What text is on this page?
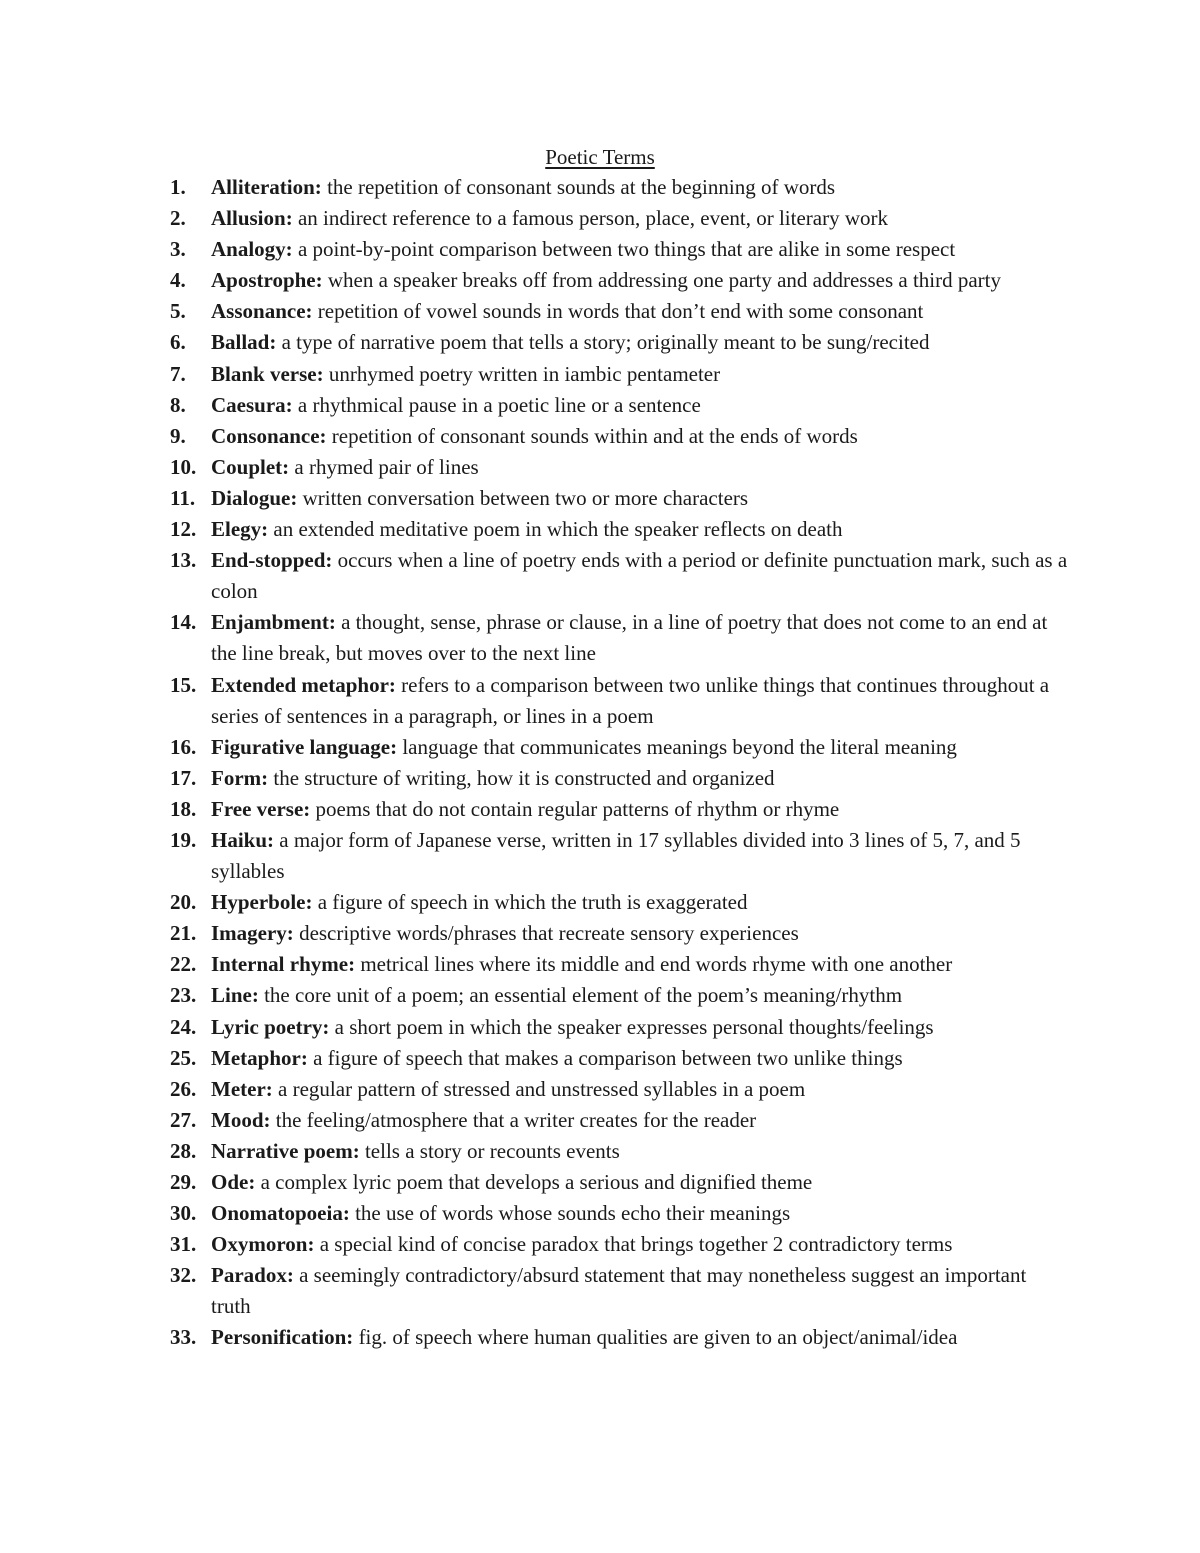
Poetic Terms
1. Alliteration: the repetition of consonant sounds at the beginning of words
2. Allusion: an indirect reference to a famous person, place, event, or literary work
3. Analogy: a point-by-point comparison between two things that are alike in some respect
4. Apostrophe: when a speaker breaks off from addressing one party and addresses a third party
5. Assonance: repetition of vowel sounds in words that don’t end with some consonant
6. Ballad: a type of narrative poem that tells a story; originally meant to be sung/recited
7. Blank verse: unrhymed poetry written in iambic pentameter
8. Caesura: a rhythmical pause in a poetic line or a sentence
9. Consonance: repetition of consonant sounds within and at the ends of words
10. Couplet: a rhymed pair of lines
11. Dialogue: written conversation between two or more characters
12. Elegy: an extended meditative poem in which the speaker reflects on death
13. End-stopped: occurs when a line of poetry ends with a period or definite punctuation mark, such as a colon
14. Enjambment: a thought, sense, phrase or clause, in a line of poetry that does not come to an end at the line break, but moves over to the next line
15. Extended metaphor: refers to a comparison between two unlike things that continues throughout a series of sentences in a paragraph, or lines in a poem
16. Figurative language: language that communicates meanings beyond the literal meaning
17. Form: the structure of writing, how it is constructed and organized
18. Free verse: poems that do not contain regular patterns of rhythm or rhyme
19. Haiku: a major form of Japanese verse, written in 17 syllables divided into 3 lines of 5, 7, and 5 syllables
20. Hyperbole: a figure of speech in which the truth is exaggerated
21. Imagery: descriptive words/phrases that recreate sensory experiences
22. Internal rhyme: metrical lines where its middle and end words rhyme with one another
23. Line: the core unit of a poem; an essential element of the poem’s meaning/rhythm
24. Lyric poetry: a short poem in which the speaker expresses personal thoughts/feelings
25. Metaphor: a figure of speech that makes a comparison between two unlike things
26. Meter: a regular pattern of stressed and unstressed syllables in a poem
27. Mood: the feeling/atmosphere that a writer creates for the reader
28. Narrative poem: tells a story or recounts events
29. Ode: a complex lyric poem that develops a serious and dignified theme
30. Onomatopoeia: the use of words whose sounds echo their meanings
31. Oxymoron: a special kind of concise paradox that brings together 2 contradictory terms
32. Paradox: a seemingly contradictory/absurd statement that may nonetheless suggest an important truth
33. Personification: fig. of speech where human qualities are given to an object/animal/idea
